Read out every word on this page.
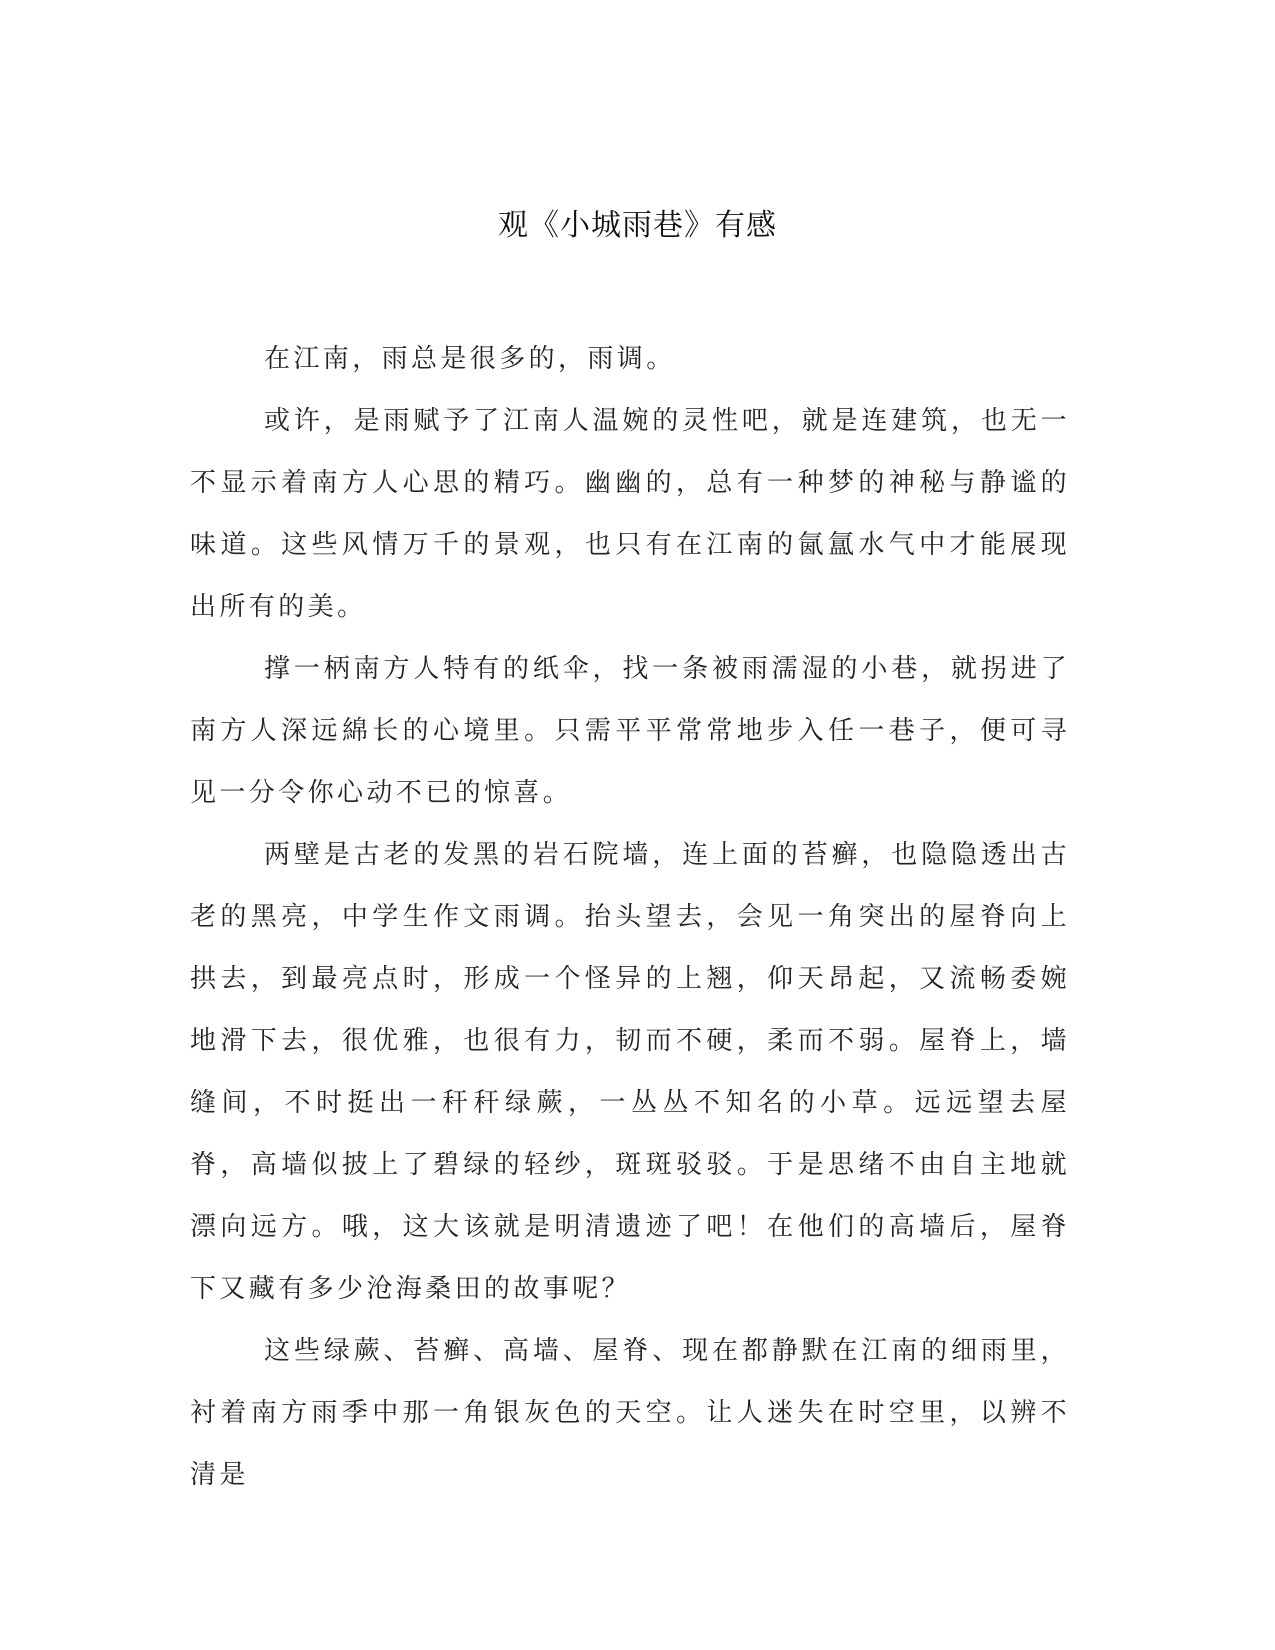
观《小城雨巷》有感

在江南，雨总是很多的，雨调。

或许，是雨赋予了江南人温婉的灵性吧，就是连建筑，也无一不显示着南方人心思的精巧。幽幽的，总有一种梦的神秘与静谧的味道。这些风情万千的景观，也只有在江南的氤氲水气中才能展现出所有的美。

撑一柄南方人特有的纸伞，找一条被雨濡湿的小巷，就拐进了南方人深远綿长的心境里。只需平平常常地步入任一巷子，便可寻见一分令你心动不已的惊喜。

两壁是古老的发黑的岩石院墙，连上面的苔癣，也隐隐透出古老的黑亮，中学生作文雨调。抬头望去，会见一角突出的屋脊向上拱去，到最亮点时，形成一个怪异的上翘，仰天昂起，又流畅委婉地滑下去，很优雅，也很有力，韧而不硬，柔而不弱。屋脊上，墙缝间，不时挺出一秆秆绿蕨，一丛丛不知名的小草。远远望去屋脊，高墙似披上了碧绿的轻纱，斑斑驳驳。于是思绪不由自主地就漂向远方。哦，这大该就是明清遗迹了吧！在他们的高墙后，屋脊下又藏有多少沧海桑田的故事呢？

这些绿蕨、苔癣、高墙、屋脊、现在都静默在江南的细雨里，衬着南方雨季中那一角银灰色的天空。让人迷失在时空里，以辨不清是
